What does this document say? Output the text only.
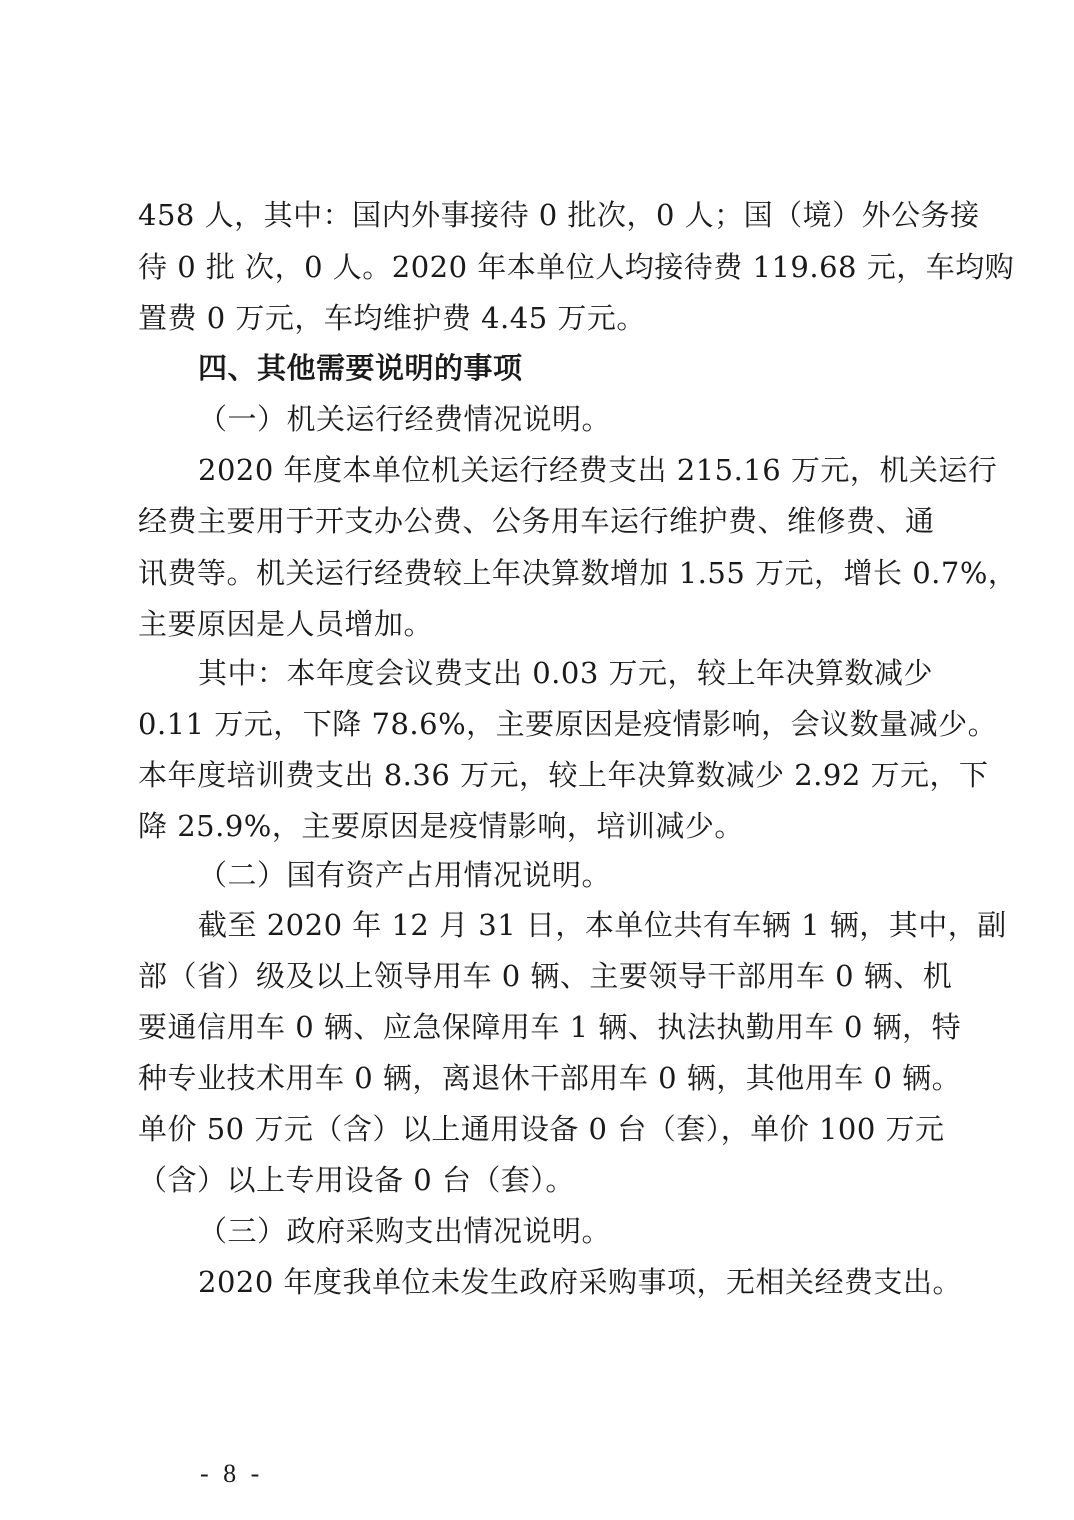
458 人，其中：国内外事接待 0 批次，0 人；国（境）外公务接
待 0 批 次，0 人。2020 年本单位人均接待费 119.68 元，车均购
置费 0 万元，车均维护费 4.45 万元。
四、其他需要说明的事项
（一）机关运行经费情况说明。
2020 年度本单位机关运行经费支出 215.16 万元，机关运行
经费主要用于开支办公费、公务用车运行维护费、维修费、通
讯费等。机关运行经费较上年决算数增加 1.55 万元，增长 0.7%，
主要原因是人员增加。
其中：本年度会议费支出 0.03 万元，较上年决算数减少
0.11 万元，下降 78.6%，主要原因是疫情影响，会议数量减少。
本年度培训费支出 8.36 万元，较上年决算数减少 2.92 万元，下
降 25.9%，主要原因是疫情影响，培训减少。
（二）国有资产占用情况说明。
截至 2020 年 12 月 31 日，本单位共有车辆 1 辆，其中，副
部（省）级及以上领导用车 0 辆、主要领导干部用车 0 辆、机
要通信用车 0 辆、应急保障用车 1 辆、执法执勤用车 0 辆，特
种专业技术用车 0 辆，离退休干部用车 0 辆，其他用车 0 辆。
单价 50 万元（含）以上通用设备 0 台（套），单价 100 万元
（含）以上专用设备 0 台（套）。
（三）政府采购支出情况说明。
2020 年度我单位未发生政府采购事项，无相关经费支出。
- 8 -
